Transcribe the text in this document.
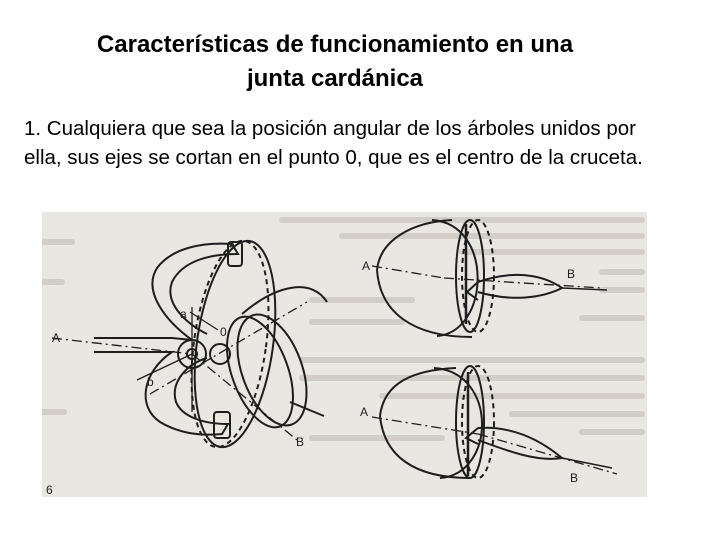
Características de funcionamiento en una
junta cardánica

1. Cualquiera que sea la posición angular de los árboles unidos por ella, sus ejes se cortan en el punto 0, que es el centro de la cruceta.

a
0
A
b
B
6
A
B
A
B
